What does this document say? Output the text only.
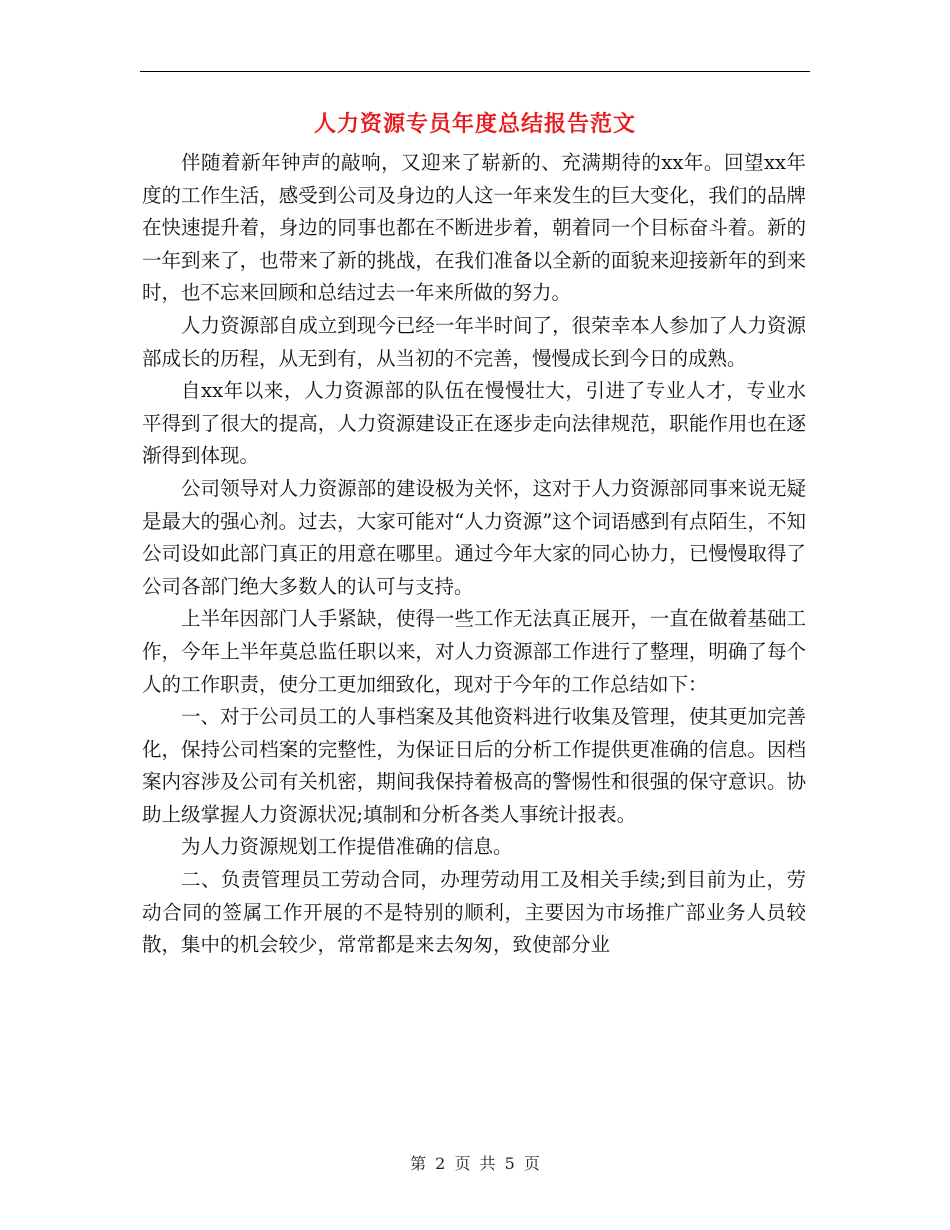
人力资源专员年度总结报告范文

伴随着新年钟声的敲响，又迎来了崭新的、充满期待的xx年。回望xx年度的工作生活，感受到公司及身边的人这一年来发生的巨大变化，我们的品牌在快速提升着，身边的同事也都在不断进步着，朝着同一个目标奋斗着。新的一年到来了，也带来了新的挑战，在我们准备以全新的面貌来迎接新年的到来时，也不忘来回顾和总结过去一年来所做的努力。

人力资源部自成立到现今已经一年半时间了，很荣幸本人参加了人力资源部成长的历程，从无到有，从当初的不完善，慢慢成长到今日的成熟。

自xx年以来，人力资源部的队伍在慢慢壮大，引进了专业人才，专业水平得到了很大的提高，人力资源建设正在逐步走向法律规范，职能作用也在逐渐得到体现。

公司领导对人力资源部的建设极为关怀，这对于人力资源部同事来说无疑是最大的强心剂。过去，大家可能对“人力资源”这个词语感到有点陌生，不知公司设如此部门真正的用意在哪里。通过今年大家的同心协力，已慢慢取得了公司各部门绝大多数人的认可与支持。

上半年因部门人手紧缺，使得一些工作无法真正展开，一直在做着基础工作，今年上半年莫总监任职以来，对人力资源部工作进行了整理，明确了每个人的工作职责，使分工更加细致化，现对于今年的工作总结如下：

一、对于公司员工的人事档案及其他资料进行收集及管理，使其更加完善化，保持公司档案的完整性，为保证日后的分析工作提供更准确的信息。因档案内容涉及公司有关机密，期间我保持着极高的警惕性和很强的保守意识。协助上级掌握人力资源状况;填制和分析各类人事统计报表。

为人力资源规划工作提借准确的信息。

二、负责管理员工劳动合同，办理劳动用工及相关手续;到目前为止，劳动合同的签属工作开展的不是特别的顺利，主要因为市场推广部业务人员较散，集中的机会较少，常常都是来去匆匆，致使部分业

第 2 页 共 5 页
